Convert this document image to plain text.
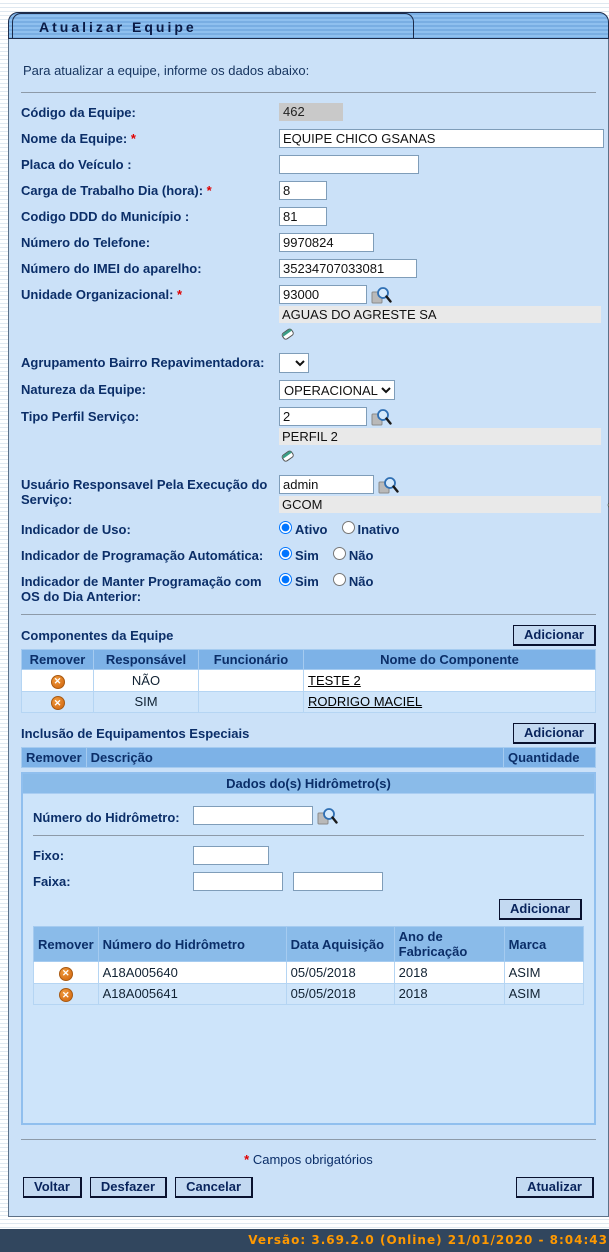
Atualizar Equipe
Para atualizar a equipe, informe os dados abaixo:
Código da Equipe:	462
Nome da Equipe: *
EQUIPE CHICO GSANAS
Placa do Veículo :
Carga de Trabalho Dia (hora): *
8
Codigo DDD do Município :
81
Número do Telefone:
9970824
Número do IMEI do aparelho:
35234707033081
Unidade Organizacional: *
93000
AGUAS DO AGRESTE SA
Agrupamento Bairro Repavimentadora:
Natureza da Equipe:
OPERACIONAL
Tipo Perfil Serviço:
2
PERFIL 2
Usuário Responsavel Pela Execução do Serviço:
admin	GCOM
Indicador de Uso:	Ativo	Inativo
Indicador de Programação Automática:	Sim	Não
Indicador de Manter Programação com OS do Dia Anterior:
Sim	Não
Componentes da Equipe	Adicionar
Remover	Responsável	Funcionário	Nome do Componente
✕	NÃO		TESTE 2
✕	SIM		RODRIGO MACIEL
Inclusão de Equipamentos Especiais	Adicionar
Remover	Descrição	Quantidade
Dados do(s) Hidrômetro(s)
Número do Hidrômetro:
Fixo:
Faixa:
Adicionar
Remover	Número do Hidrômetro	Data Aquisição	Ano de Fabricação	Marca
✕	A18A005640	05/05/2018	2018	ASIM
✕	A18A005641	05/05/2018	2018	ASIM
* Campos obrigatórios
Voltar	Desfazer	Cancelar	Atualizar
Versão: 3.69.2.0 (Online) 21/01/2020 - 8:04:43
